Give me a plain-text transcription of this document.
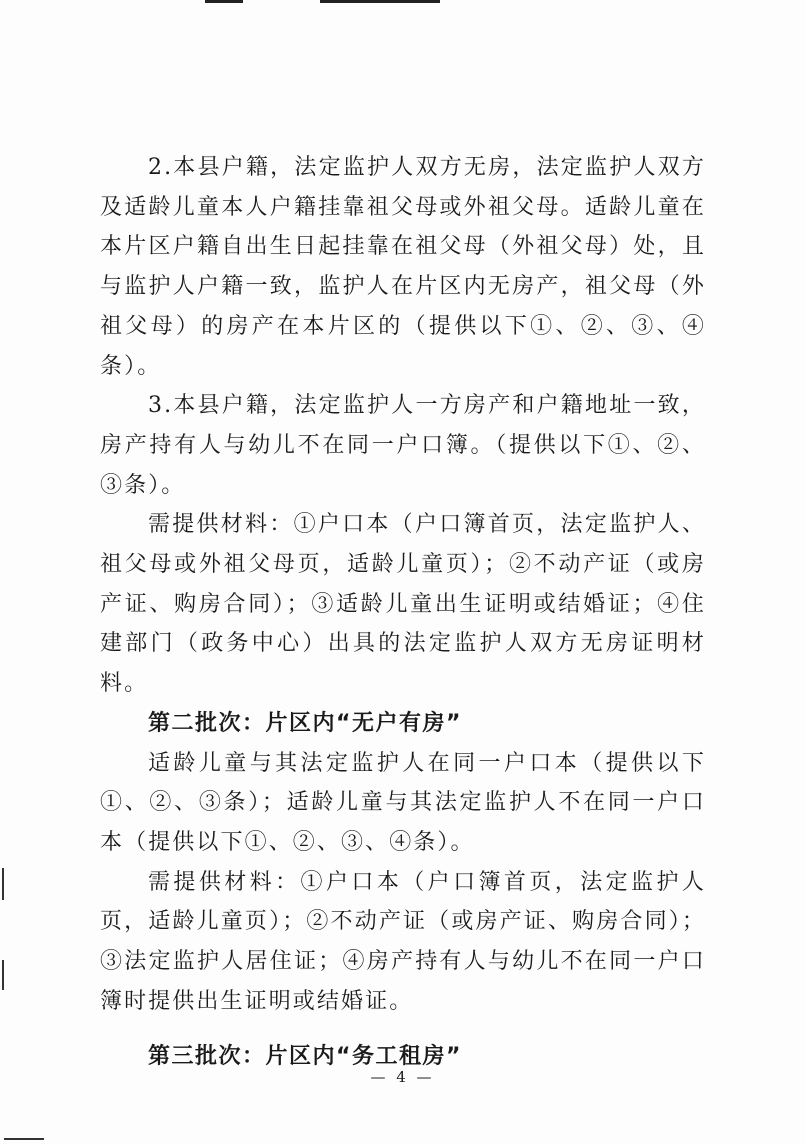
2.本县户籍，法定监护人双方无房，法定监护人双方及适龄儿童本人户籍挂靠祖父母或外祖父母。适龄儿童在本片区户籍自出生日起挂靠在祖父母（外祖父母）处，且与监护人户籍一致，监护人在片区内无房产，祖父母（外祖父母）的房产在本片区的（提供以下①、②、③、④条）。

3.本县户籍，法定监护人一方房产和户籍地址一致，房产持有人与幼儿不在同一户口簿。（提供以下①、②、③条）。

需提供材料：①户口本（户口簿首页，法定监护人、祖父母或外祖父母页，适龄儿童页）；②不动产证（或房产证、购房合同）；③适龄儿童出生证明或结婚证；④住建部门（政务中心）出具的法定监护人双方无房证明材料。

第二批次：片区内“无户有房”

适龄儿童与其法定监护人在同一户口本（提供以下①、②、③条）；适龄儿童与其法定监护人不在同一户口本（提供以下①、②、③、④条）。

需提供材料：①户口本（户口簿首页，法定监护人页，适龄儿童页）；②不动产证（或房产证、购房合同）；③法定监护人居住证；④房产持有人与幼儿不在同一户口簿时提供出生证明或结婚证。

第三批次：片区内“务工租房”

— 4 —
